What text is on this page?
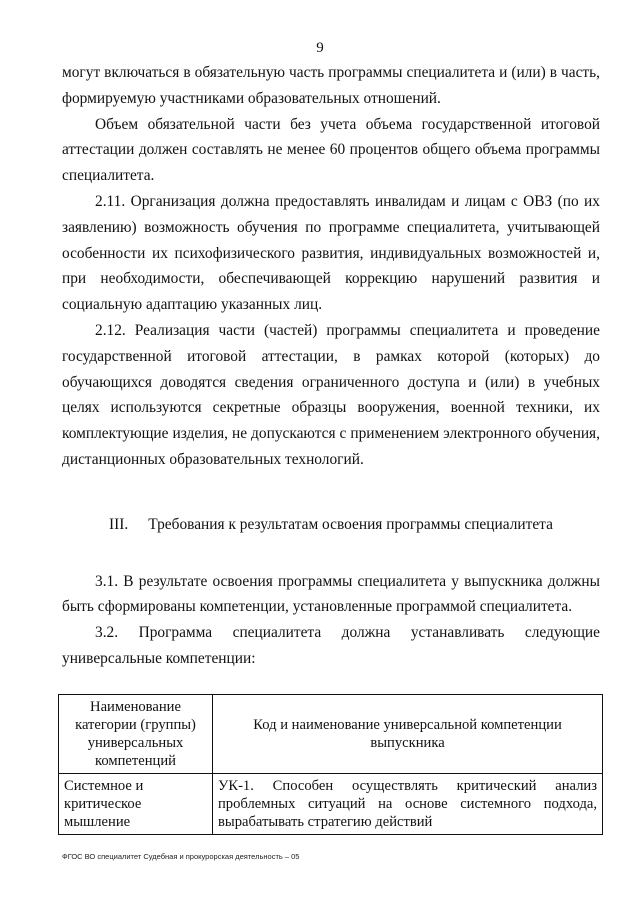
9

могут включаться в обязательную часть программы специалитета и (или) в часть, формируемую участниками образовательных отношений.

Объем обязательной части без учета объема государственной итоговой аттестации должен составлять не менее 60 процентов общего объема программы специалитета.

2.11. Организация должна предоставлять инвалидам и лицам с ОВЗ (по их заявлению) возможность обучения по программе специалитета, учитывающей особенности их психофизического развития, индивидуальных возможностей и, при необходимости, обеспечивающей коррекцию нарушений развития и социальную адаптацию указанных лиц.

2.12. Реализация части (частей) программы специалитета и проведение государственной итоговой аттестации, в рамках которой (которых) до обучающихся доводятся сведения ограниченного доступа и (или) в учебных целях используются секретные образцы вооружения, военной техники, их комплектующие изделия, не допускаются с применением электронного обучения, дистанционных образовательных технологий.

III. Требования к результатам освоения программы специалитета

3.1. В результате освоения программы специалитета у выпускника должны быть сформированы компетенции, установленные программой специалитета.

3.2. Программа специалитета должна устанавливать следующие универсальные компетенции:

Наименование категории (группы) универсальных компетенций	Код и наименование универсальной компетенции выпускника
Системное и критическое мышление	УК-1. Способен осуществлять критический анализ проблемных ситуаций на основе системного подхода, вырабатывать стратегию действий
ФГОС ВО специалитет Судебная и прокурорская деятельность – 05
